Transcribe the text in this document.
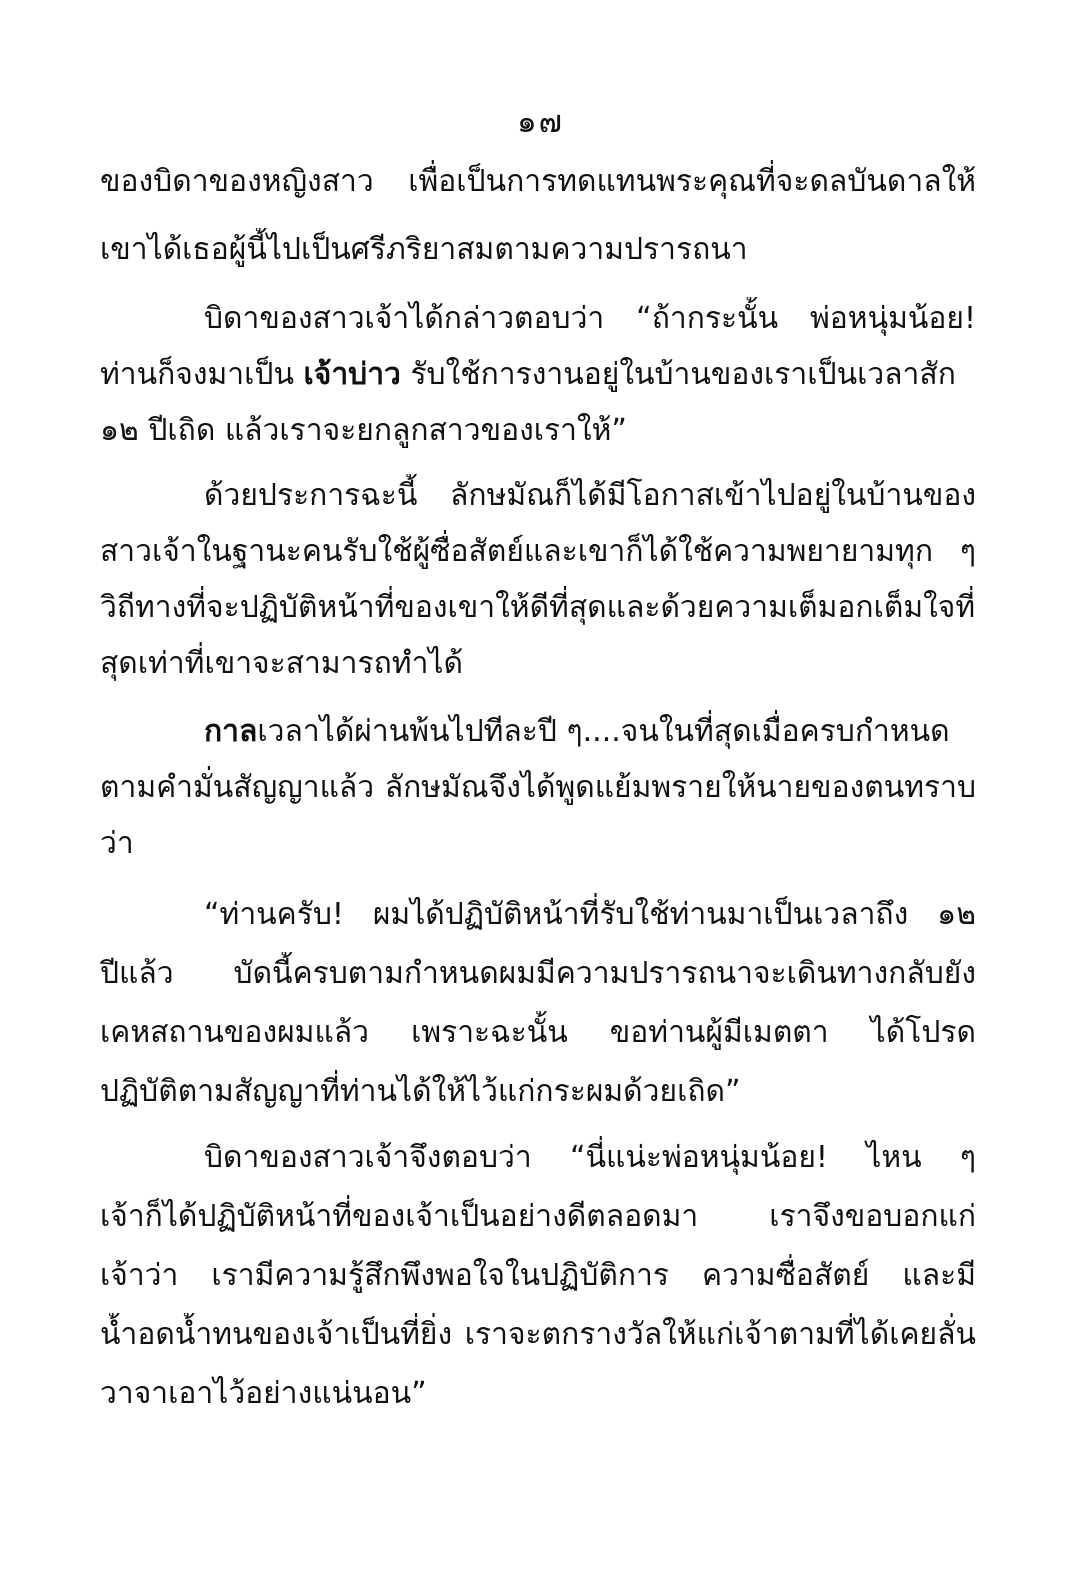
๑๗
ของบิดาของหญิงสาว เพื่อเป็นการทดแทนพระคุณที่จะดลบันดาลให้
เขาได้เธอผู้นี้ไปเป็นศรีภริยาสมตามความปรารถนา
บิดาของสาวเจ้าได้กล่าวตอบว่า “ถ้ากระนั้น พ่อหนุ่มน้อย!
ท่านก็จงมาเป็น เจ้าบ่าว รับใช้การงานอยู่ในบ้านของเราเป็นเวลาสัก
๑๒ ปีเถิด แล้วเราจะยกลูกสาวของเราให้”
ด้วยประการฉะนี้ ลักษมัณก็ได้มีโอกาสเข้าไปอยู่ในบ้านของ
สาวเจ้าในฐานะคนรับใช้ผู้ซื่อสัตย์และเขาก็ได้ใช้ความพยายามทุก ๆ
วิถีทางที่จะปฏิบัติหน้าที่ของเขาให้ดีที่สุดและด้วยความเต็มอกเต็มใจที่
สุดเท่าที่เขาจะสามารถทำได้
กาลเวลาได้ผ่านพ้นไปทีละปี ๆ....จนในที่สุดเมื่อครบกำหนด
ตามคำมั่นสัญญาแล้ว ลักษมัณจึงได้พูดแย้มพรายให้นายของตนทราบ
ว่า
“ท่านครับ! ผมได้ปฏิบัติหน้าที่รับใช้ท่านมาเป็นเวลาถึง ๑๒
ปีแล้ว บัดนี้ครบตามกำหนดผมมีความปรารถนาจะเดินทางกลับยัง
เคหสถานของผมแล้ว เพราะฉะนั้น ขอท่านผู้มีเมตตา ได้โปรด
ปฏิบัติตามสัญญาที่ท่านได้ให้ไว้แก่กระผมด้วยเถิด”
บิดาของสาวเจ้าจึงตอบว่า “นี่แน่ะพ่อหนุ่มน้อย! ไหน ๆ
เจ้าก็ได้ปฏิบัติหน้าที่ของเจ้าเป็นอย่างดีตลอดมา เราจึงขอบอกแก่
เจ้าว่า เรามีความรู้สึกพึงพอใจในปฏิบัติการ ความซื่อสัตย์ และมี
น้ำอดน้ำทนของเจ้าเป็นที่ยิ่ง เราจะตกรางวัลให้แก่เจ้าตามที่ได้เคยลั่น
วาจาเอาไว้อย่างแน่นอน”
